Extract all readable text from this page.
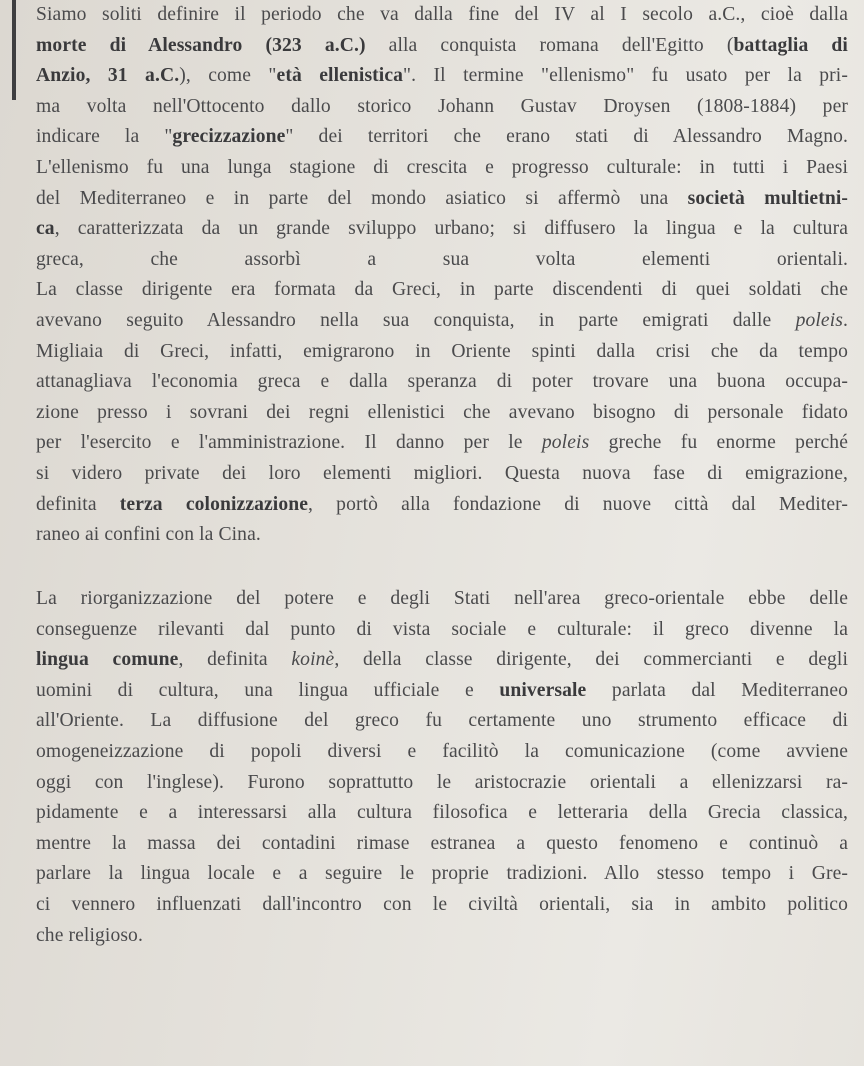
Siamo soliti definire il periodo che va dalla fine del IV al I secolo a.C., cioè dalla
morte di Alessandro (323 a.C.) alla conquista romana dell'Egitto (battaglia di
Anzio, 31 a.C.), come "età ellenistica". Il termine "ellenismo" fu usato per la pri-
ma volta nell'Ottocento dallo storico Johann Gustav Droysen (1808-1884) per
indicare la "grecizzazione" dei territori che erano stati di Alessandro Magno.
L'ellenismo fu una lunga stagione di crescita e progresso culturale: in tutti i Paesi
del Mediterraneo e in parte del mondo asiatico si affermò una società multietni-
ca, caratterizzata da un grande sviluppo urbano; si diffusero la lingua e la cultura
greca, che assorbì a sua volta elementi orientali.
La classe dirigente era formata da Greci, in parte discendenti di quei soldati che
avevano seguito Alessandro nella sua conquista, in parte emigrati dalle poleis.
Migliaia di Greci, infatti, emigrarono in Oriente spinti dalla crisi che da tempo
attanagliava l'economia greca e dalla speranza di poter trovare una buona occupa-
zione presso i sovrani dei regni ellenistici che avevano bisogno di personale fidato
per l'esercito e l'amministrazione. Il danno per le poleis greche fu enorme perché
si videro private dei loro elementi migliori. Questa nuova fase di emigrazione,
definita terza colonizzazione, portò alla fondazione di nuove città dal Mediter-
raneo ai confini con la Cina.
La riorganizzazione del potere e degli Stati nell'area greco-orientale ebbe delle
conseguenze rilevanti dal punto di vista sociale e culturale: il greco divenne la
lingua comune, definita koinè, della classe dirigente, dei commercianti e degli
uomini di cultura, una lingua ufficiale e universale parlata dal Mediterraneo
all'Oriente. La diffusione del greco fu certamente uno strumento efficace di
omogeneizzazione di popoli diversi e facilitò la comunicazione (come avviene
oggi con l'inglese). Furono soprattutto le aristocrazie orientali a ellenizzarsi ra-
pidamente e a interessarsi alla cultura filosofica e letteraria della Grecia classica,
mentre la massa dei contadini rimase estranea a questo fenomeno e continuò a
parlare la lingua locale e a seguire le proprie tradizioni. Allo stesso tempo i Gre-
ci vennero influenzati dall'incontro con le civiltà orientali, sia in ambito politico
che religioso.
